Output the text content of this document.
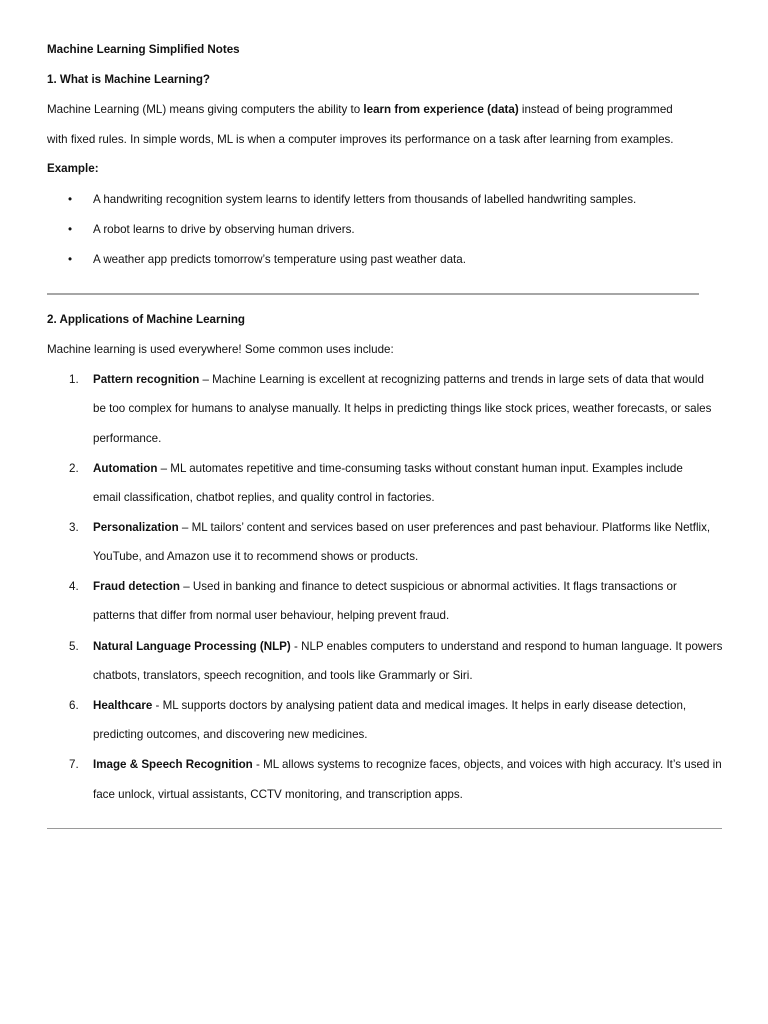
Machine Learning Simplified Notes
1. What is Machine Learning?
Machine Learning (ML) means giving computers the ability to learn from experience (data) instead of being programmed
with fixed rules. In simple words, ML is when a computer improves its performance on a task after learning from examples.
Example:
• A handwriting recognition system learns to identify letters from thousands of labelled handwriting samples.
• A robot learns to drive by observing human drivers.
• A weather app predicts tomorrow’s temperature using past weather data.
2. Applications of Machine Learning
Machine learning is used everywhere! Some common uses include:
1. Pattern recognition – Machine Learning is excellent at recognizing patterns and trends in large sets of data that would
be too complex for humans to analyse manually. It helps in predicting things like stock prices, weather forecasts, or sales
performance.
2. Automation – ML automates repetitive and time-consuming tasks without constant human input. Examples include
email classification, chatbot replies, and quality control in factories.
3. Personalization – ML tailors’ content and services based on user preferences and past behaviour. Platforms like Netflix,
YouTube, and Amazon use it to recommend shows or products.
4. Fraud detection – Used in banking and finance to detect suspicious or abnormal activities. It flags transactions or
patterns that differ from normal user behaviour, helping prevent fraud.
5. Natural Language Processing (NLP) - NLP enables computers to understand and respond to human language. It powers
chatbots, translators, speech recognition, and tools like Grammarly or Siri.
6. Healthcare - ML supports doctors by analysing patient data and medical images. It helps in early disease detection,
predicting outcomes, and discovering new medicines.
7. Image & Speech Recognition - ML allows systems to recognize faces, objects, and voices with high accuracy. It’s used in
face unlock, virtual assistants, CCTV monitoring, and transcription apps.
